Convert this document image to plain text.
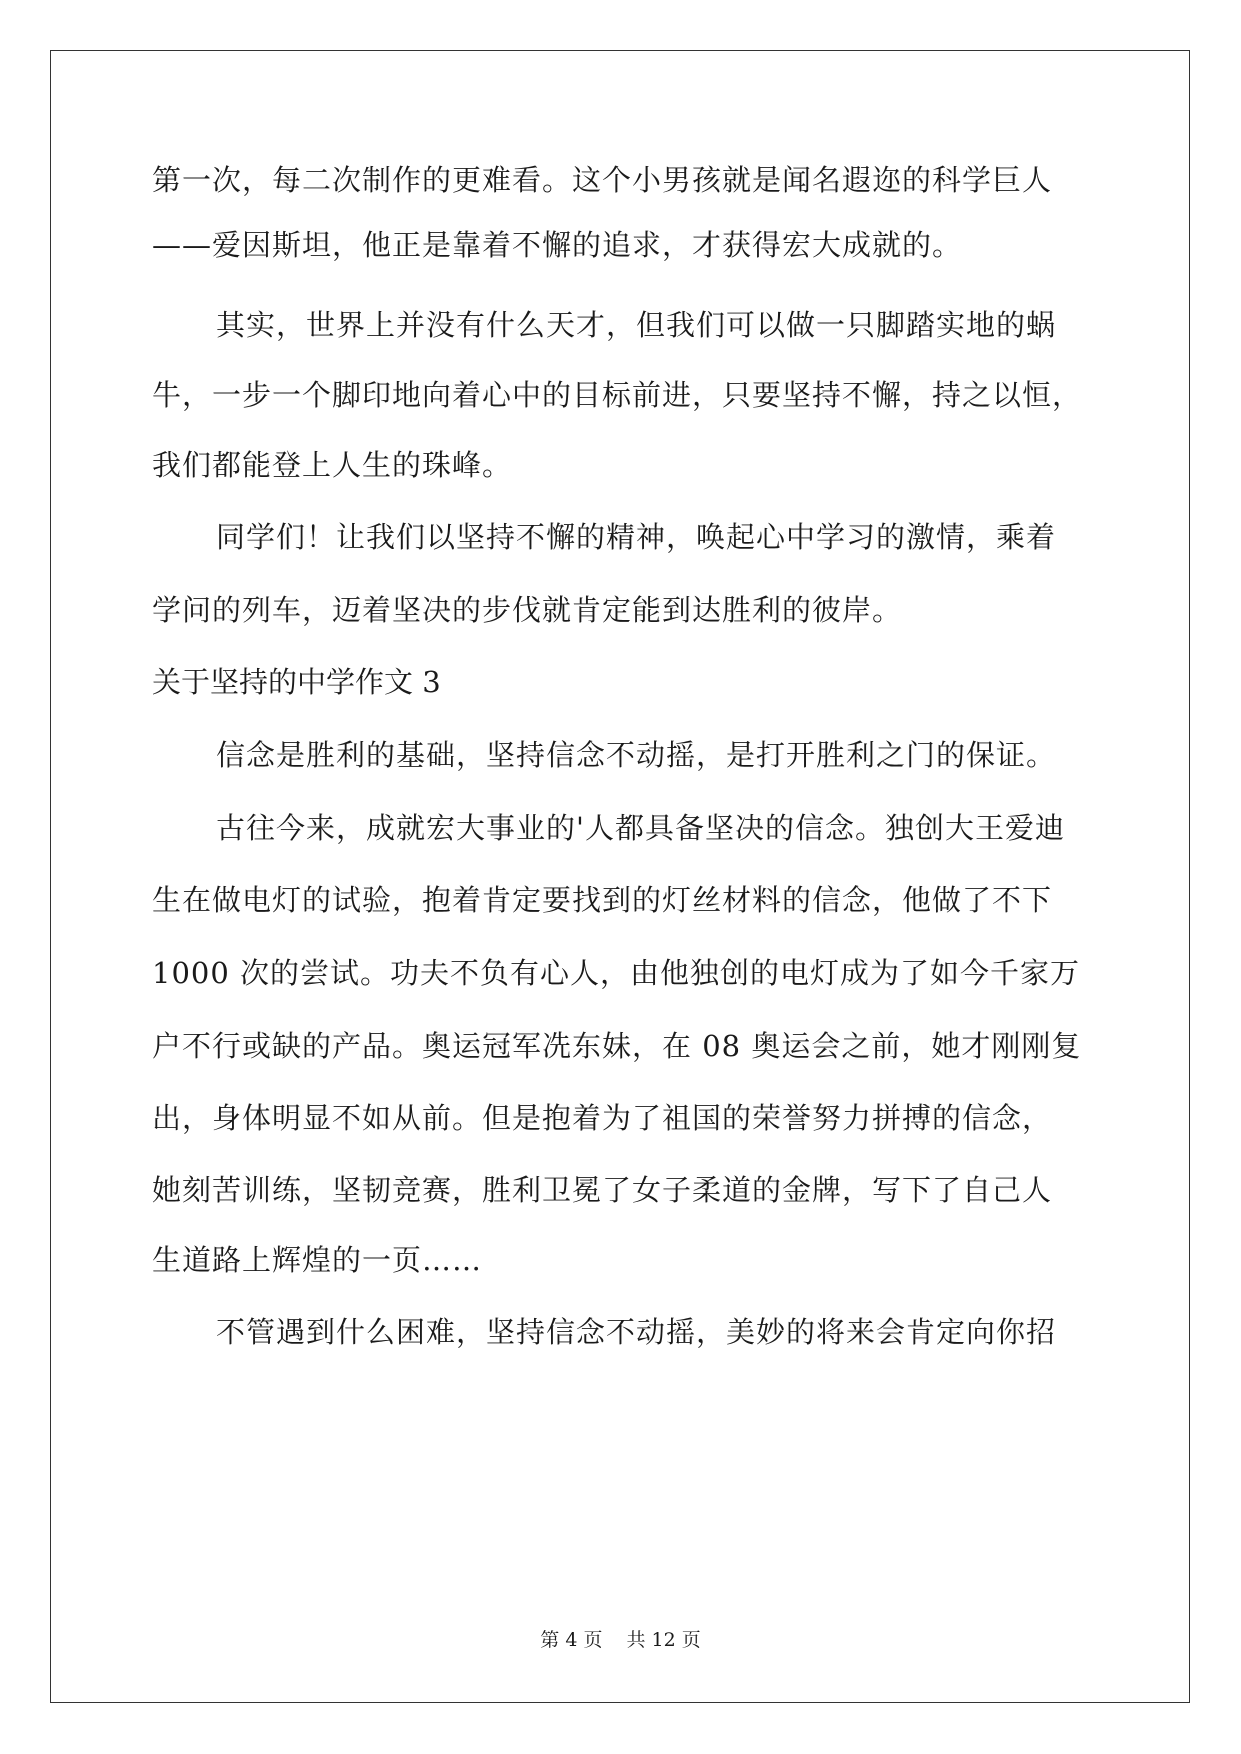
第一次，每二次制作的更难看。这个小男孩就是闻名遐迩的科学巨人
——爱因斯坦，他正是靠着不懈的追求，才获得宏大成就的。
其实，世界上并没有什么天才，但我们可以做一只脚踏实地的蜗
牛，一步一个脚印地向着心中的目标前进，只要坚持不懈，持之以恒，
我们都能登上人生的珠峰。
同学们！让我们以坚持不懈的精神，唤起心中学习的激情，乘着
学问的列车，迈着坚决的步伐就肯定能到达胜利的彼岸。
关于坚持的中学作文 3
信念是胜利的基础，坚持信念不动摇，是打开胜利之门的保证。
古往今来，成就宏大事业的'人都具备坚决的信念。独创大王爱迪
生在做电灯的试验，抱着肯定要找到的灯丝材料的信念，他做了不下
1000 次的尝试。功夫不负有心人，由他独创的电灯成为了如今千家万
户不行或缺的产品。奥运冠军冼东妹，在 08 奥运会之前，她才刚刚复
出，身体明显不如从前。但是抱着为了祖国的荣誉努力拼搏的信念，
她刻苦训练，坚韧竞赛，胜利卫冕了女子柔道的金牌，写下了自己人
生道路上辉煌的一页……
不管遇到什么困难，坚持信念不动摇，美妙的将来会肯定向你招
第 4 页 共 12 页
